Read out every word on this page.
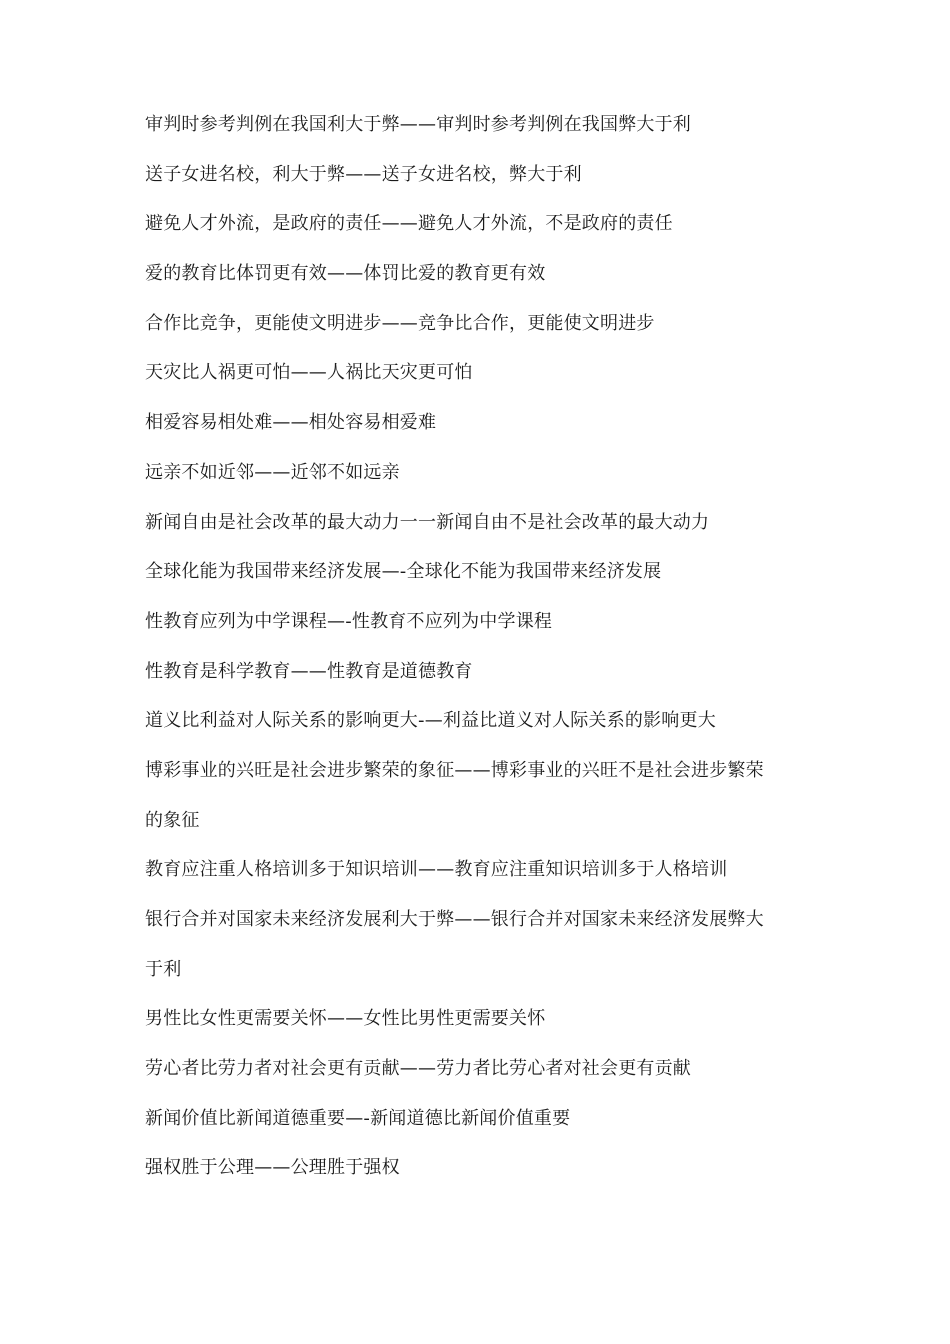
审判时参考判例在我国利大于弊——审判时参考判例在我国弊大于利

送子女进名校，利大于弊——送子女进名校，弊大于利

避免人才外流，是政府的责任——避免人才外流，不是政府的责任

爱的教育比体罚更有效——体罚比爱的教育更有效

合作比竞争，更能使文明进步——竞争比合作，更能使文明进步

天灾比人祸更可怕——人祸比天灾更可怕

相爱容易相处难——相处容易相爱难

远亲不如近邻——近邻不如远亲

新闻自由是社会改革的最大动力一一新闻自由不是社会改革的最大动力

全球化能为我国带来经济发展—-全球化不能为我国带来经济发展

性教育应列为中学课程—-性教育不应列为中学课程

性教育是科学教育——性教育是道德教育

道义比利益对人际关系的影响更大-—利益比道义对人际关系的影响更大

博彩事业的兴旺是社会进步繁荣的象征——博彩事业的兴旺不是社会进步繁荣

的象征

教育应注重人格培训多于知识培训——教育应注重知识培训多于人格培训

银行合并对国家未来经济发展利大于弊——银行合并对国家未来经济发展弊大

于利

男性比女性更需要关怀——女性比男性更需要关怀

劳心者比劳力者对社会更有贡献——劳力者比劳心者对社会更有贡献

新闻价值比新闻道德重要—-新闻道德比新闻价值重要

强权胜于公理——公理胜于强权
